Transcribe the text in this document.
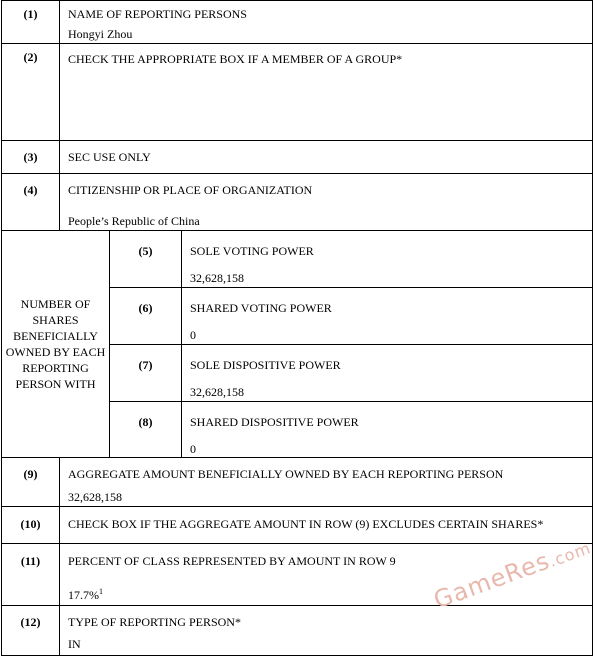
(1)	NAME OF REPORTING PERSONS
Hongyi Zhou		

(2)	CHECK THE APPROPRIATE BOX IF A MEMBER OF A GROUP*		

(3)	SEC USE ONLY		

(4)	CITIZENSHIP OR PLACE OF ORGANIZATION
People’s Republic of China		

NUMBER OF SHARES BENEFICIALLY OWNED BY EACH REPORTING PERSON WITH		(5)	SOLE VOTING POWER
32,628,158

		(6)	SHARED VOTING POWER
0

		(7)	SOLE DISPOSITIVE POWER
32,628,158

		(8)	SHARED DISPOSITIVE POWER
0

(9)	AGGREGATE AMOUNT BENEFICIALLY OWNED BY EACH REPORTING PERSON
32,628,158		

(10)	CHECK BOX IF THE AGGREGATE AMOUNT IN ROW (9) EXCLUDES CERTAIN SHARES*		

(11)	PERCENT OF CLASS REPRESENTED BY AMOUNT IN ROW 9
17.7%$^1$

(12)	TYPE OF REPORTING PERSON*
IN		
GameRes.com
